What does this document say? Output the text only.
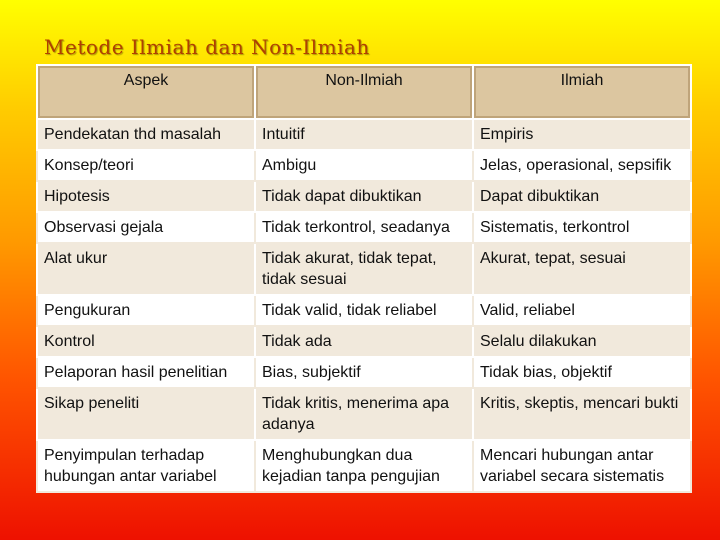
Metode Ilmiah dan Non-Ilmiah
Aspek	Non-Ilmiah	Ilmiah
Pendekatan thd masalah	Intuitif	Empiris
Konsep/teori	Ambigu	Jelas, operasional, sepsifik
Hipotesis	Tidak dapat dibuktikan	Dapat dibuktikan
Observasi gejala	Tidak terkontrol, seadanya	Sistematis, terkontrol
Alat ukur	Tidak akurat, tidak tepat, tidak sesuai	Akurat, tepat, sesuai
Pengukuran	Tidak valid, tidak reliabel	Valid, reliabel
Kontrol	Tidak ada	Selalu dilakukan
Pelaporan hasil penelitian	Bias, subjektif	Tidak bias, objektif
Sikap peneliti	Tidak kritis, menerima apa adanya	Kritis, skeptis, mencari bukti
Penyimpulan terhadap hubungan antar variabel	Menghubungkan dua kejadian tanpa pengujian	Mencari hubungan antar variabel secara sistematis
